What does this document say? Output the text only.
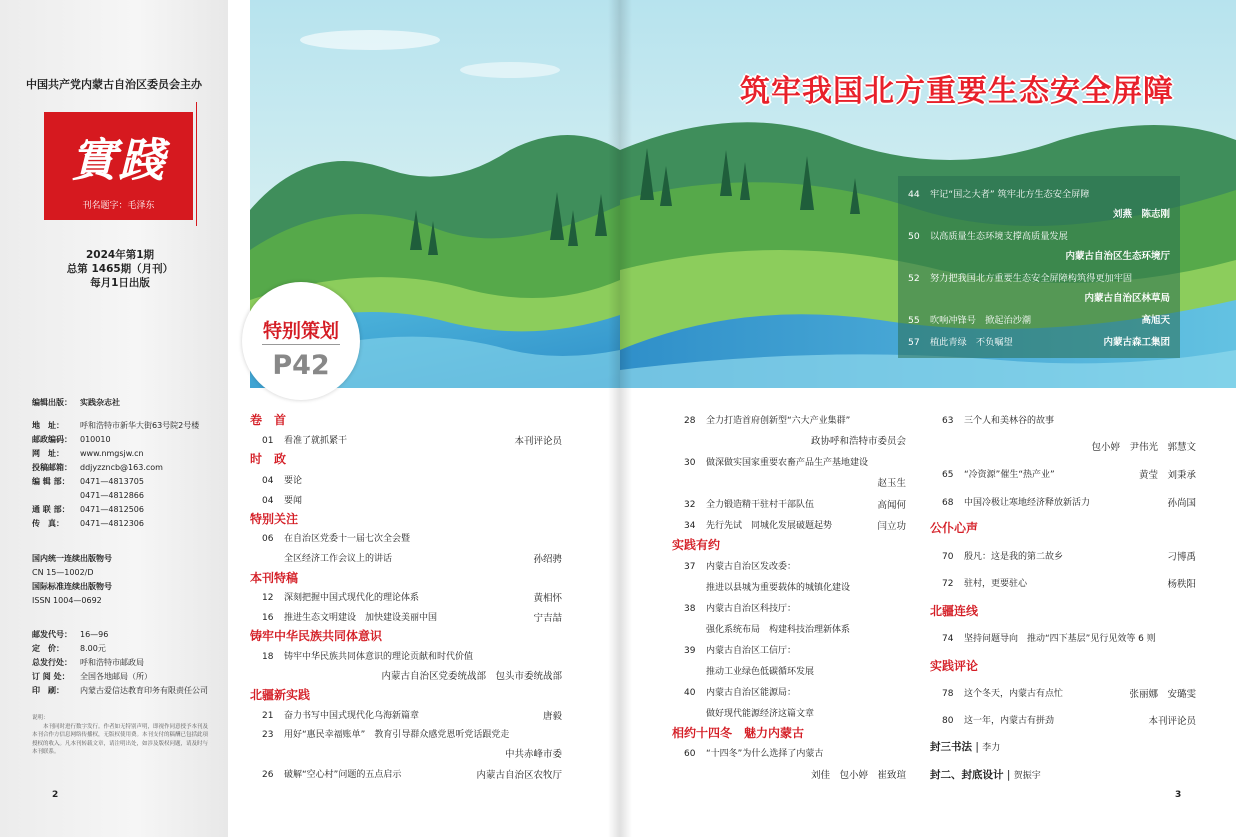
中国共产党内蒙古自治区委员会主办
實踐
刊名题字：毛泽东
2024年第1期
总第 1465期（月刊）
每月1日出版
编辑出版： 实践杂志社
地　址： 呼和浩特市新华大街63号院2号楼
邮政编码： 010010
网　址： www.nmgsjw.cn
投稿邮箱： ddjyzzncb@163.com
编 辑 部： 0471—4813705
0471—4812866
通 联 部： 0471—4812506
传　真： 0471—4812306
国内统一连续出版物号
CN 15—1002/D
国际标准连续出版物号
ISSN 1004—0692
邮发代号： 16—96
定　价： 8.00元
总发行处： 呼和浩特市邮政局
订 阅 处： 全国各地邮局（所）
印　刷： 内蒙古爱信达教育印务有限责任公司
说明：
本刊同时进行数字发行。作者如无特别声明，即视作同意授予本刊及本刊合作方信息网络传播权，无版权使用费。本刊支付的稿酬已包括此项授权的收入。凡本刊转载文章，请注明出处，如涉及版权问题，请及时与本刊联系。
2
特别策划
P42
卷　首
01 看准了就抓紧干	本刊评论员
时　政
04 要论
04 要闻
特别关注
06 在自治区党委十一届七次全会暨
全区经济工作会议上的讲话	孙绍骋
本刊特稿
12 深刻把握中国式现代化的理论体系	黄相怀
16 推进生态文明建设　加快建设美丽中国	宁吉喆
铸牢中华民族共同体意识
18 铸牢中华民族共同体意识的理论贡献和时代价值
内蒙古自治区党委统战部　包头市委统战部
北疆新实践
21 奋力书写中国式现代化乌海新篇章	唐毅
23 用好“惠民幸福账单”　教育引导群众感党恩听党话跟党走
中共赤峰市委
26 破解“空心村”问题的五点启示	内蒙古自治区农牧厅
筑牢我国北方重要生态安全屏障
44 牢记“国之大者” 筑牢北方生态安全屏障
刘燕　陈志刚
50 以高质量生态环境支撑高质量发展
内蒙古自治区生态环境厅
52 努力把我国北方重要生态安全屏障构筑得更加牢固
内蒙古自治区林草局
55 吹响冲锋号　掀起治沙潮	高旭天
57 植此青绿　不负嘱望	内蒙古森工集团
28 全力打造首府创新型“六大产业集群”
政协呼和浩特市委员会
30 做深做实国家重要农畜产品生产基地建设
赵玉生
32 全力锻造精干驻村干部队伍	高闻何
34 先行先试　同城化发展破题起势	闫立功
实践有约
37 内蒙古自治区发改委：
推进以县城为重要载体的城镇化建设
38 内蒙古自治区科技厅：
强化系统布局　构建科技治理新体系
39 内蒙古自治区工信厅：
推动工业绿色低碳循环发展
40 内蒙古自治区能源局：
做好现代能源经济这篇文章
相约十四冬　魅力内蒙古
60 “十四冬”为什么选择了内蒙古
刘佳　包小婷　崔致瑄
63 三个人和美林谷的故事
包小婷　尹伟光　郭慧文
65 “冷资源”催生“热产业”	黄莹　刘秉承
68 中国冷极让寒地经济释放新活力	孙尚国
公仆心声
70 殷凡：这是我的第二故乡	刁博禹
72 驻村，更要驻心	杨秩阳
北疆连线
74 坚持问题导向　推动“四下基层”见行见效等 6 则
实践评论
78 这个冬天，内蒙古有点忙	张丽娜　安璐雯
80 这一年，内蒙古有拼劲	本刊评论员
封三书法 | 李力
封二、封底设计 | 贺振宇
3
